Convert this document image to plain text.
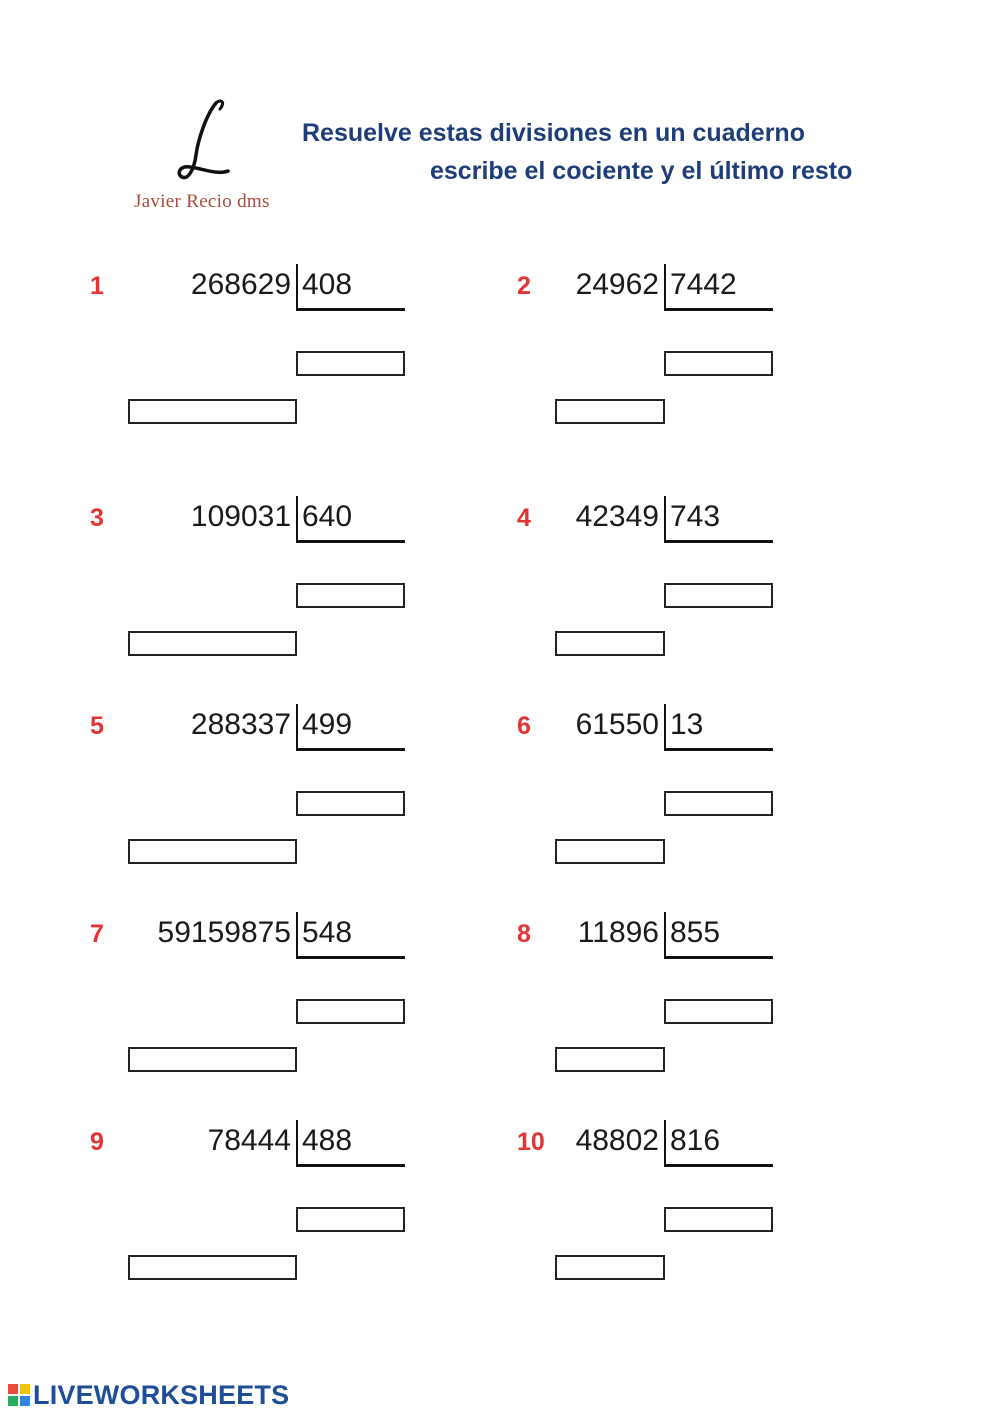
Javier Recio dms
Resuelve estas divisiones en un cuaderno
escribe el cociente y el último resto
1	268629 408	2 24962 7442
3	109031 640	4 42349 743
5	288337 499	6 61550 13
7 59159875 548	8 11896 855
9	78444 488	10 48802 816
LIVEWORKSHEETS
